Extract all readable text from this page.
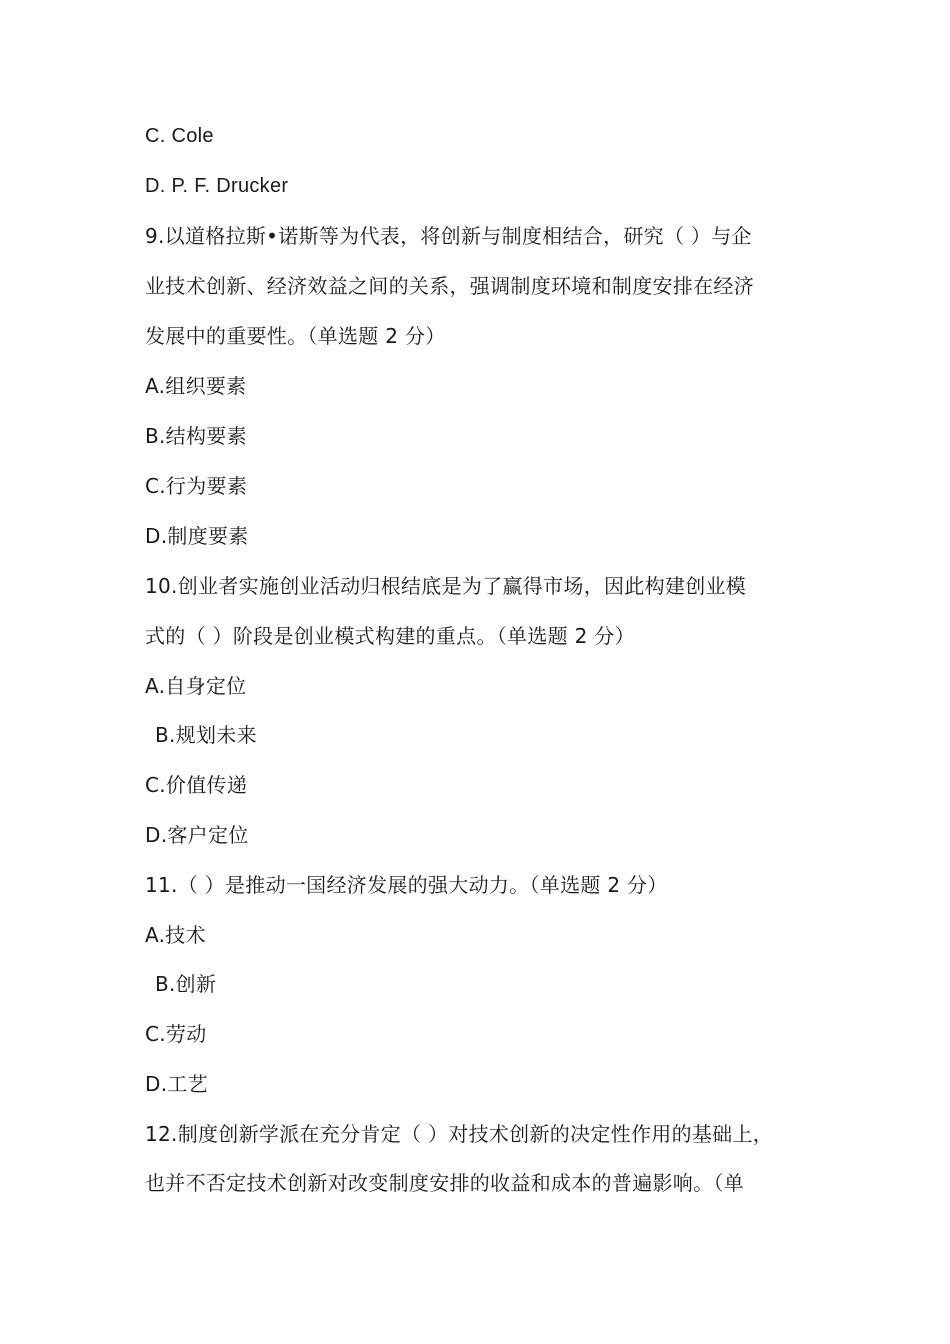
C. Cole
D. P. F. Drucker
9.以道格拉斯•诺斯等为代表，将创新与制度相结合，研究（ ）与企
业技术创新、经济效益之间的关系，强调制度环境和制度安排在经济
发展中的重要性。（单选题 2 分）
A.组织要素
B.结构要素
C.行为要素
D.制度要素
10.创业者实施创业活动归根结底是为了赢得市场，因此构建创业模
式的（ ）阶段是创业模式构建的重点。（单选题 2 分）
A.自身定位
B.规划未来
C.价值传递
D.客户定位
11.（ ）是推动一国经济发展的强大动力。（单选题 2 分）
A.技术
B.创新
C.劳动
D.工艺
12.制度创新学派在充分肯定（ ）对技术创新的决定性作用的基础上，
也并不否定技术创新对改变制度安排的收益和成本的普遍影响。（单
